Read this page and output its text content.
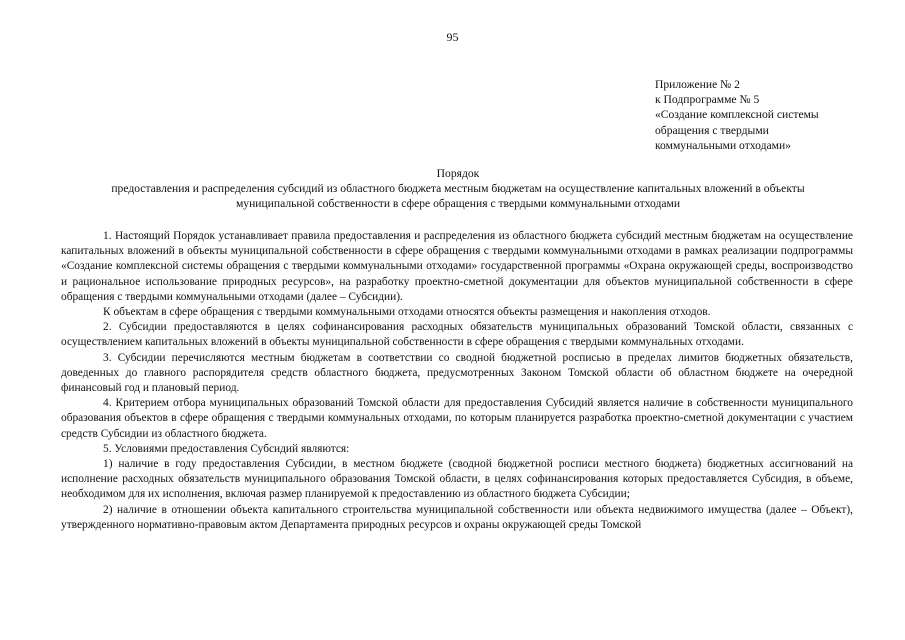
95
Приложение № 2
к Подпрограмме № 5
«Создание комплексной системы
обращения с твердыми
коммунальными отходами»
Порядок
предоставления и распределения субсидий из областного бюджета местным бюджетам на осуществление капитальных вложений в объекты муниципальной собственности в сфере обращения с твердыми коммунальными отходами

1. Настоящий Порядок устанавливает правила предоставления и распределения из областного бюджета субсидий местным бюджетам на осуществление капитальных вложений в объекты муниципальной собственности в сфере обращения с твердыми коммунальными отходами в рамках реализации подпрограммы «Создание комплексной системы обращения с твердыми коммунальными отходами» государственной программы «Охрана окружающей среды, воспроизводство и рациональное использование природных ресурсов», на разработку проектно-сметной документации для объектов муниципальной собственности в сфере обращения с твердыми коммунальными отходами (далее – Субсидии).

К объектам в сфере обращения с твердыми коммунальными отходами относятся объекты размещения и накопления отходов.

2. Субсидии предоставляются в целях софинансирования расходных обязательств муниципальных образований Томской области, связанных с осуществлением капитальных вложений в объекты муниципальной собственности в сфере обращения с твердыми коммунальных отходами.

3. Субсидии перечисляются местным бюджетам в соответствии со сводной бюджетной росписью в пределах лимитов бюджетных обязательств, доведенных до главного распорядителя средств областного бюджета, предусмотренных Законом Томской области об областном бюджете на очередной финансовый год и плановый период.

4. Критерием отбора муниципальных образований Томской области для предоставления Субсидий является наличие в собственности муниципального образования объектов в сфере обращения с твердыми коммунальных отходами, по которым планируется разработка проектно-сметной документации с участием средств Субсидии из областного бюджета.

5. Условиями предоставления Субсидий являются:

1) наличие в году предоставления Субсидии, в местном бюджете (сводной бюджетной росписи местного бюджета) бюджетных ассигнований на исполнение расходных обязательств муниципального образования Томской области, в целях софинансирования которых предоставляется Субсидия, в объеме, необходимом для их исполнения, включая размер планируемой к предоставлению из областного бюджета Субсидии;

2) наличие в отношении объекта капитального строительства муниципальной собственности или объекта недвижимого имущества (далее – Объект), утвержденного нормативно-правовым актом Департамента природных ресурсов и охраны окружающей среды Томской
